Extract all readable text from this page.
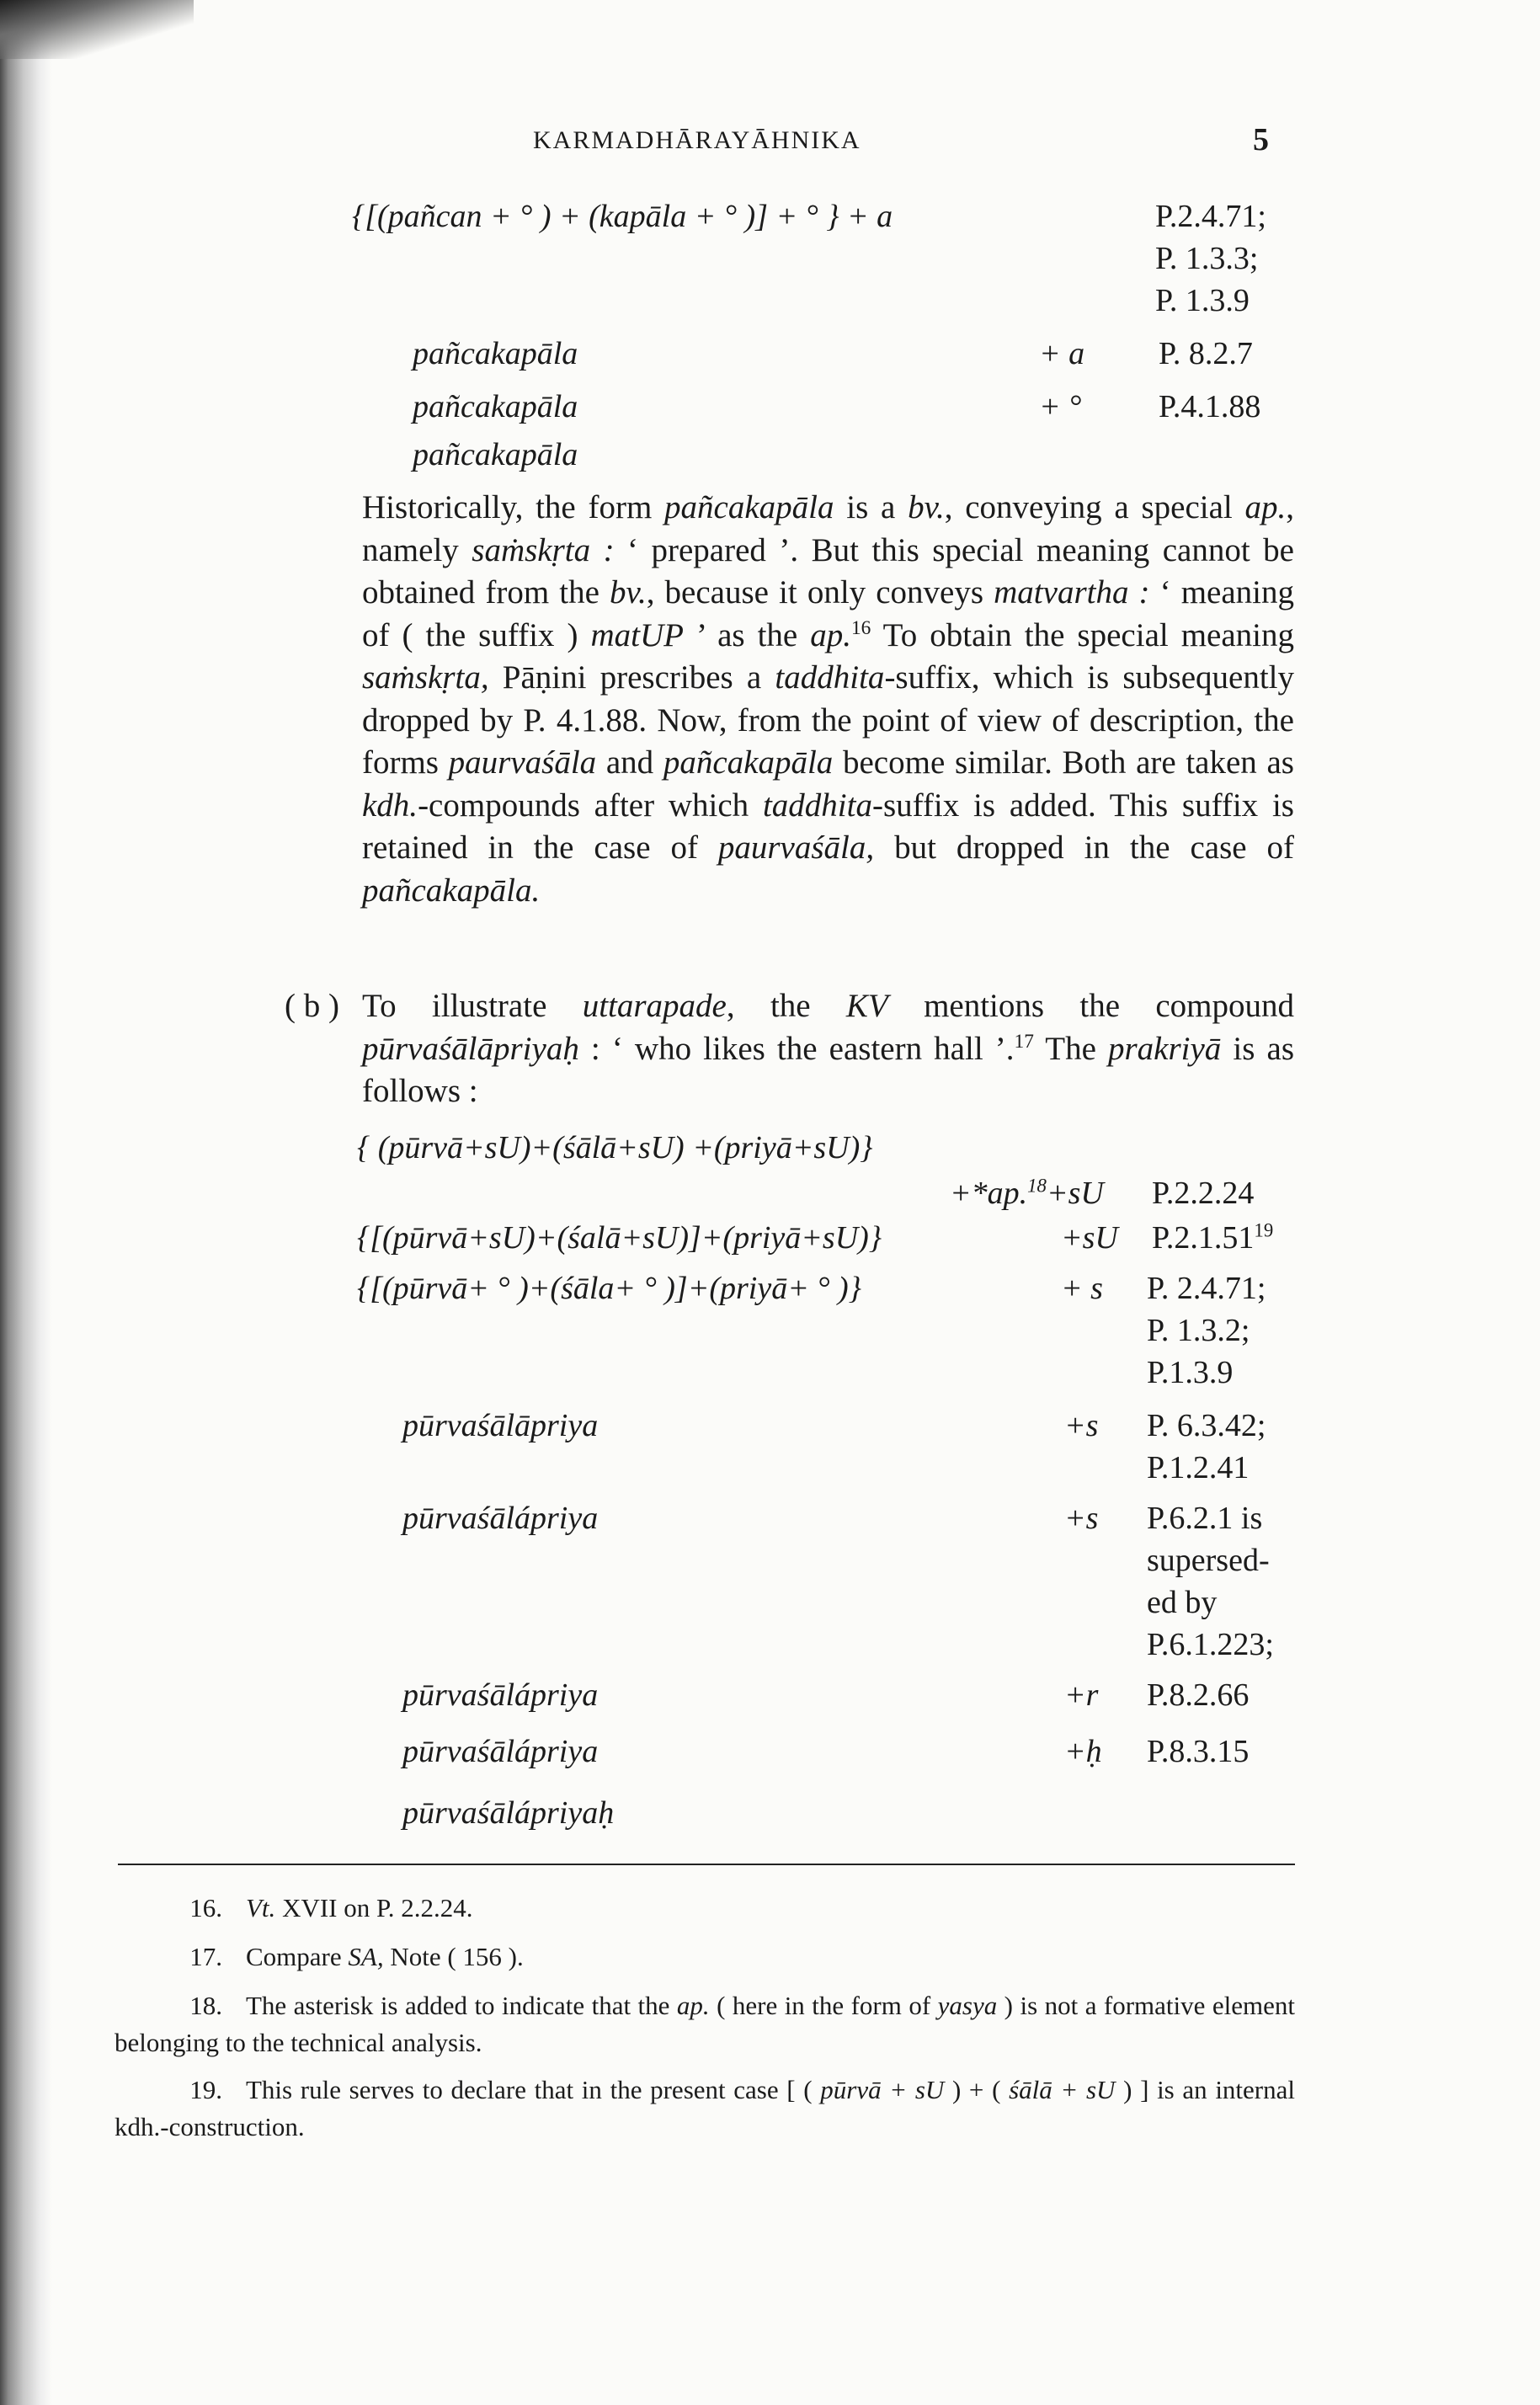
KARMADHĀRAYĀHNIKA	5
{[(pañcan + ° ) + (kapāla + ° )] + ° } + a	P.2.4.71;
P. 1.3.3;
P. 1.3.9
pañcakapāla	+ a P. 8.2.7
pañcakapāla	+ ° P.4.1.88
pañcakapāla
Historically, the form pañcakapāla is a bv., conveying a special ap., namely saṁskṛta : ‘ prepared ’. But this special meaning cannot be obtained from the bv., because it only conveys matvartha : ‘ meaning of ( the suffix ) matUP ’ as the ap.$^{16}$ To obtain the special meaning saṁskṛta, Pāṇini prescribes a taddhita-suffix, which is subsequently dropped by P. 4.1.88. Now, from the point of view of description, the forms paurvaśāla and pañcakapāla become similar. Both are taken as kdh.-compounds after which taddhita-suffix is added. This suffix is retained in the case of paurvaśāla, but dropped in the case of pañcakapāla.
( b ) To illustrate uttarapade, the KV mentions the compound pūrvaśālāpriyaḥ : ‘ who likes the eastern hall ’.$^{17}$ The prakriyā is as follows :
{ (pūrvā+sU)+(śālā+sU) +(priyā+sU)}
+*ap.$^{18}$+sU P.2.2.24
{[(pūrvā+sU)+(śalā+sU)]+(priyā+sU)}	+sU P.2.1.51$^{19}$
{[(pūrvā+ ° )+(śāla+ ° )]+(priyā+ ° )}	+ s P. 2.4.71;
P. 1.3.2;
P.1.3.9
pūrvaśālāpriya	+s P. 6.3.42;
P.1.2.41
pūrvaśālápriya	+s P.6.2.1 is
supersed-
ed by
P.6.1.223;
pūrvaśālápriya	+r P.8.2.66
pūrvaśālápriya	+ḥ P.8.3.15
pūrvaśālápriyaḥ
16. Vt. XVII on P. 2.2.24.
17. Compare SA, Note ( 156 ).
18. The asterisk is added to indicate that the ap. ( here in the form of yasya ) is not a formative element belonging to the technical analysis.
19. This rule serves to declare that in the present case [ ( pūrvā + sU ) + ( śālā + sU ) ] is an internal kdh.-construction.
